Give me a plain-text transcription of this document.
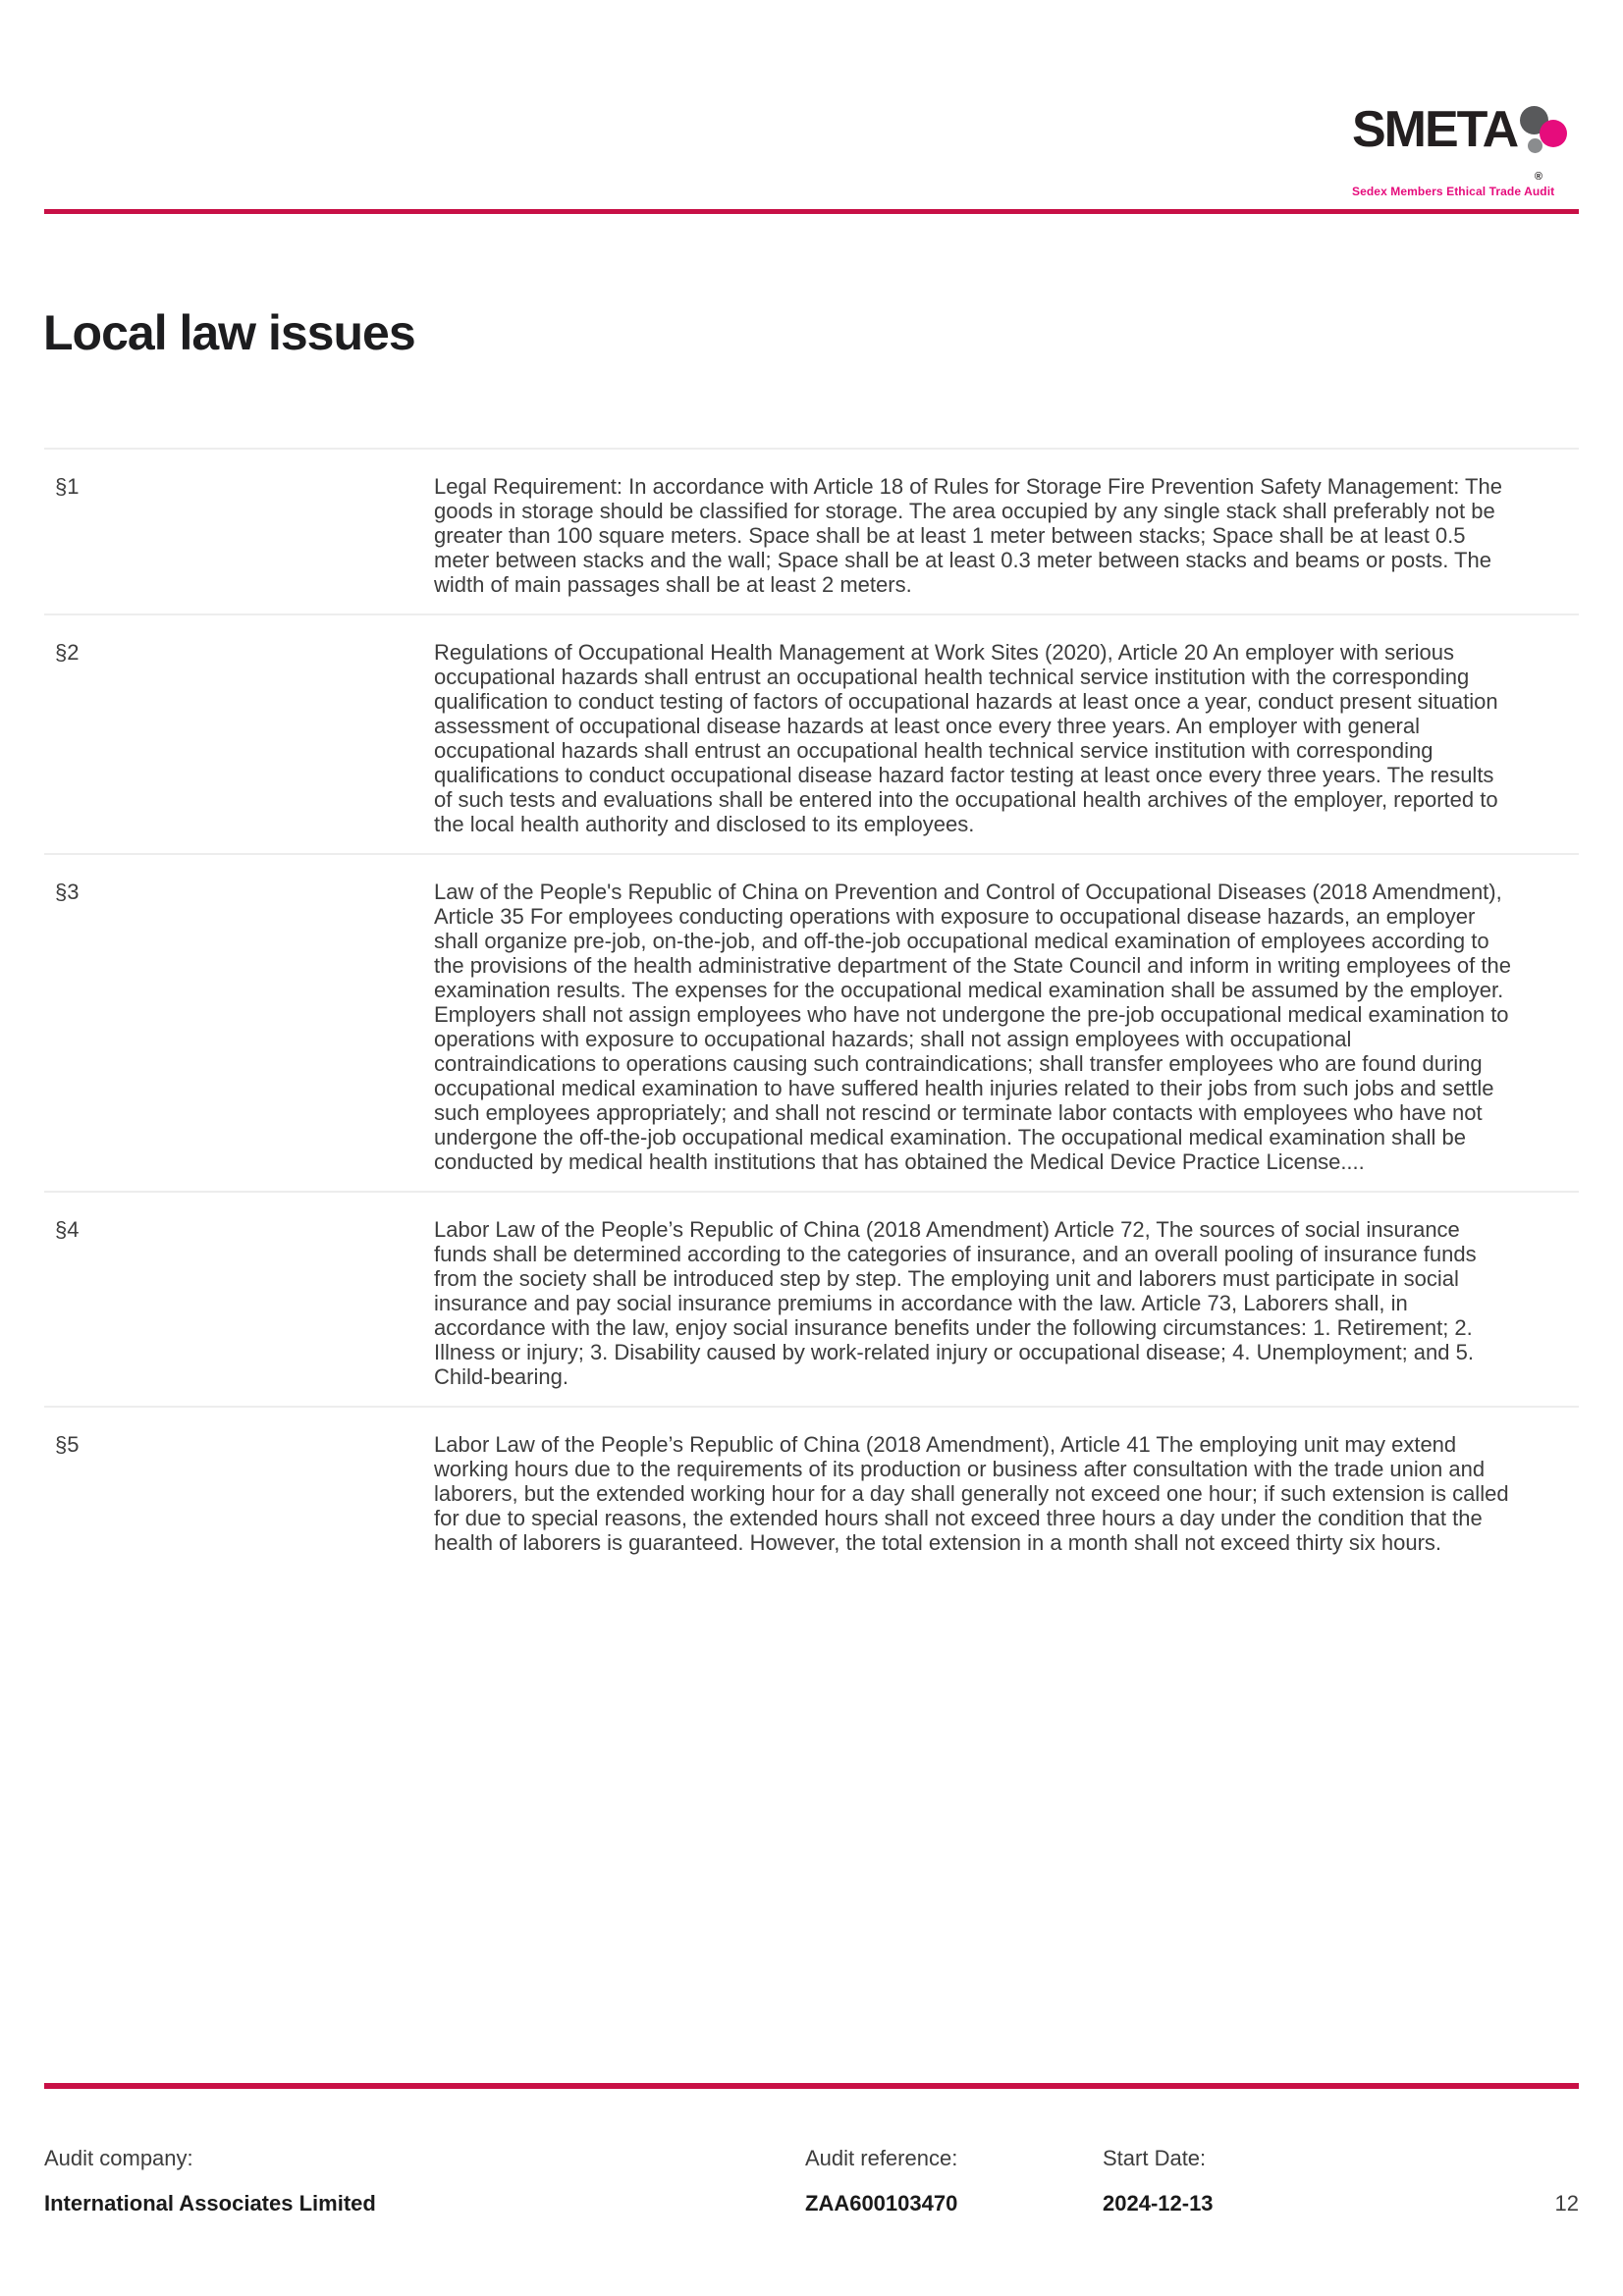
SMETA
®
Sedex Members Ethical Trade Audit
Local law issues
§1	Legal Requirement: In accordance with Article 18 of Rules for Storage Fire Prevention Safety Management: The goods in storage should be classified for storage. The area occupied by any single stack shall preferably not be greater than 100 square meters. Space shall be at least 1 meter between stacks; Space shall be at least 0.5 meter between stacks and the wall; Space shall be at least 0.3 meter between stacks and beams or posts. The width of main passages shall be at least 2 meters.
§2	Regulations of Occupational Health Management at Work Sites (2020), Article 20 An employer with serious occupational hazards shall entrust an occupational health technical service institution with the corresponding qualification to conduct testing of factors of occupational hazards at least once a year, conduct present situation assessment of occupational disease hazards at least once every three years. An employer with general occupational hazards shall entrust an occupational health technical service institution with corresponding qualifications to conduct occupational disease hazard factor testing at least once every three years. The results of such tests and evaluations shall be entered into the occupational health archives of the employer, reported to the local health authority and disclosed to its employees.
§3	Law of the People's Republic of China on Prevention and Control of Occupational Diseases (2018 Amendment), Article 35 For employees conducting operations with exposure to occupational disease hazards, an employer shall organize pre-job, on-the-job, and off-the-job occupational medical examination of employees according to the provisions of the health administrative department of the State Council and inform in writing employees of the examination results. The expenses for the occupational medical examination shall be assumed by the employer. Employers shall not assign employees who have not undergone the pre-job occupational medical examination to operations with exposure to occupational hazards; shall not assign employees with occupational contraindications to operations causing such contraindications; shall transfer employees who are found during occupational medical examination to have suffered health injuries related to their jobs from such jobs and settle such employees appropriately; and shall not rescind or terminate labor contacts with employees who have not undergone the off-the-job occupational medical examination. The occupational medical examination shall be conducted by medical health institutions that has obtained the Medical Device Practice License....
§4	Labor Law of the People’s Republic of China (2018 Amendment) Article 72, The sources of social insurance funds shall be determined according to the categories of insurance, and an overall pooling of insurance funds from the society shall be introduced step by step. The employing unit and laborers must participate in social insurance and pay social insurance premiums in accordance with the law. Article 73, Laborers shall, in accordance with the law, enjoy social insurance benefits under the following circumstances: 1. Retirement; 2. Illness or injury; 3. Disability caused by work-related injury or occupational disease; 4. Unemployment; and 5. Child-bearing.
§5	Labor Law of the People’s Republic of China (2018 Amendment), Article 41 The employing unit may extend working hours due to the requirements of its production or business after consultation with the trade union and laborers, but the extended working hour for a day shall generally not exceed one hour; if such extension is called for due to special reasons, the extended hours shall not exceed three hours a day under the condition that the health of laborers is guaranteed. However, the total extension in a month shall not exceed thirty six hours.
Audit company:
International Associates Limited
Audit reference:
ZAA600103470
Start Date:
2024-12-13	12
